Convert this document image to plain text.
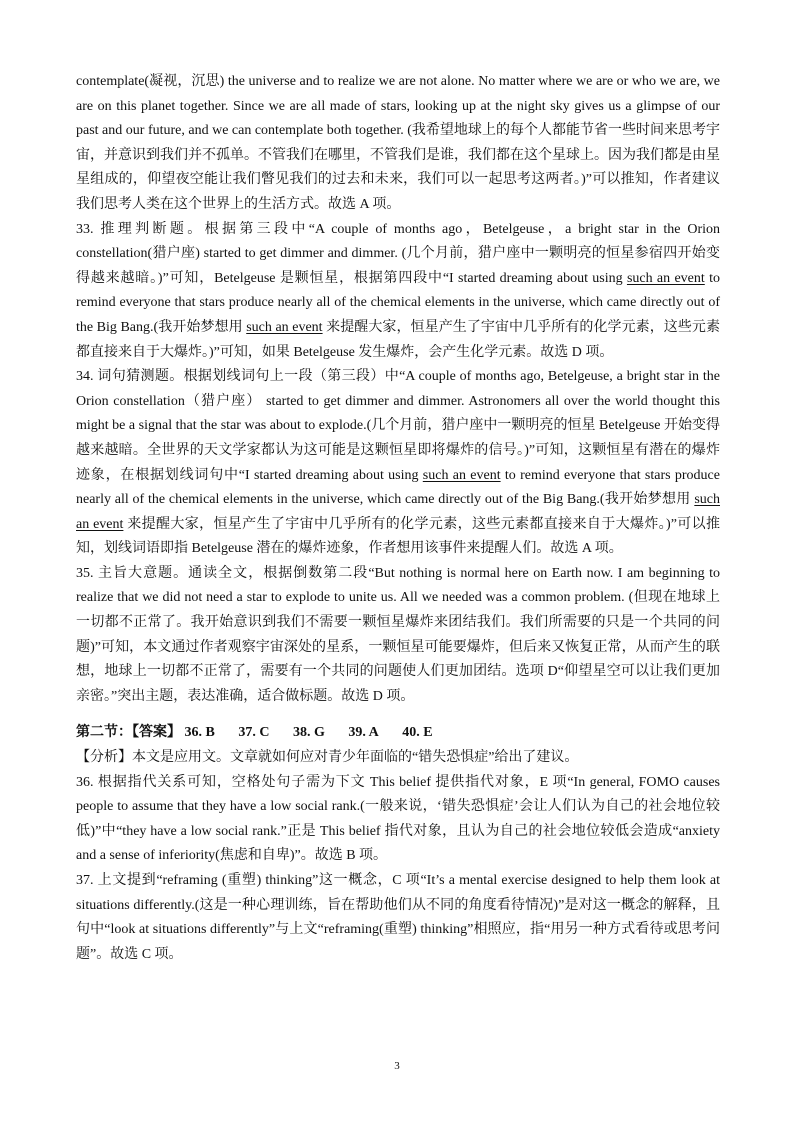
contemplate(凝视，沉思) the universe and to realize we are not alone. No matter where we are or who we are, we are on this planet together. Since we are all made of stars, looking up at the night sky gives us a glimpse of our past and our future, and we can contemplate both together. (我希望地球上的每个人都能节省一些时间来思考宇宙，并意识到我们并不孤单。不管我们在哪里，不管我们是谁，我们都在这个星球上。因为我们都是由星星组成的，仰望夜空能让我们瞥见我们的过去和未来，我们可以一起思考这两者。)”可以推知，作者建议我们思考人类在这个世界上的生活方式。故选 A 项。

33. 推理判断题。根据第三段中“A couple of months ago，Betelgeuse，a bright star in the Orion constellation(猎户座) started to get dimmer and dimmer. (几个月前，猎户座中一颗明亮的恒星参宿四开始变得越来越暗。)”可知，Betelgeuse 是颗恒星，根据第四段中“I started dreaming about using such an event to remind everyone that stars produce nearly all of the chemical elements in the universe, which came directly out of the Big Bang.(我开始梦想用 such an event 来提醒大家，恒星产生了宇宙中几乎所有的化学元素，这些元素都直接来自于大爆炸。)”可知，如果 Betelgeuse 发生爆炸，会产生化学元素。故选 D 项。

34. 词句猜测题。根据划线词句上一段（第三段）中“A couple of months ago, Betelgeuse, a bright star in the Orion constellation（猎户座） started to get dimmer and dimmer. Astronomers all over the world thought this might be a signal that the star was about to explode.(几个月前，猎户座中一颗明亮的恒星 Betelgeuse 开始变得越来越暗。全世界的天文学家都认为这可能是这颗恒星即将爆炸的信号。)”可知，这颗恒星有潜在的爆炸迹象，在根据划线词句中“I started dreaming about using such an event to remind everyone that stars produce nearly all of the chemical elements in the universe, which came directly out of the Big Bang.(我开始梦想用 such an event 来提醒大家，恒星产生了宇宙中几乎所有的化学元素，这些元素都直接来自于大爆炸。)”可以推知，划线词语即指 Betelgeuse 潜在的爆炸迹象，作者想用该事件来提醒人们。故选 A 项。

35. 主旨大意题。通读全文，根据倒数第二段“But nothing is normal here on Earth now. I am beginning to realize that we did not need a star to explode to unite us. All we needed was a common problem. (但现在地球上一切都不正常了。我开始意识到我们不需要一颗恒星爆炸来团结我们。我们所需要的只是一个共同的问题)”可知，本文通过作者观察宇宙深处的星系，一颗恒星可能要爆炸，但后来又恢复正常，从而产生的联想，地球上一切都不正常了，需要有一个共同的问题使人们更加团结。选项 D“仰望星空可以让我们更加亲密。”突出主题，表达准确，适合做标题。故选 D 项。

第二节：【答案】 36. B 37. C 38. G 39. A 40. E

【分析】本文是应用文。文章就如何应对青少年面临的“错失恐惧症”给出了建议。

36. 根据指代关系可知，空格处句子需为下文 This belief 提供指代对象，E 项“In general, FOMO causes people to assume that they have a low social rank.(一般来说，‘错失恐惧症’会让人们认为自己的社会地位较低)”中“they have a low social rank.”正是 This belief 指代对象，且认为自己的社会地位较低会造成“anxiety and a sense of inferiority(焦虑和自卑)”。故选 B 项。

37. 上文提到“reframing (重塑) thinking”这一概念，C 项“It’s a mental exercise designed to help them look at situations differently.(这是一种心理训练，旨在帮助他们从不同的角度看待情况)”是对这一概念的解释，且句中“look at situations differently”与上文“reframing(重塑) thinking”相照应，指“用另一种方式看待或思考问题”。故选 C 项。

3
